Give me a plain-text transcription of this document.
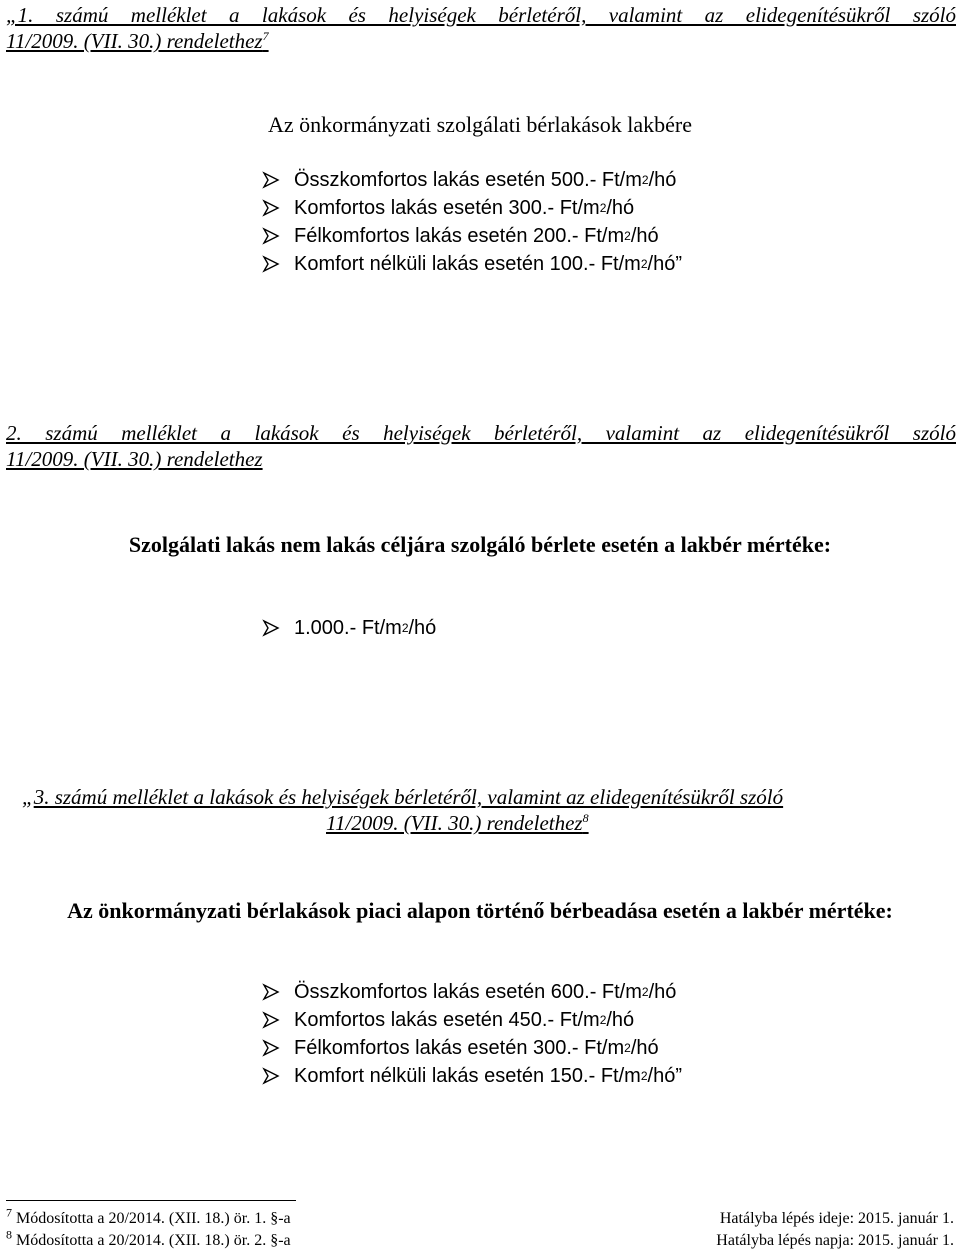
„1. számú melléklet a lakások és helyiségek bérletéről, valamint az elidegenítésükről szóló
11/2009. (VII. 30.) rendelethez$^7$
Az önkormányzati szolgálati bérlakások lakbére
Összkomfortos lakás esetén 500.- Ft/m 2 /hó
Komfortos lakás esetén 300.- Ft/m 2 /hó
Félkomfortos lakás esetén 200.- Ft/m 2 /hó
Komfort nélküli lakás esetén 100.- Ft/m 2 /hó”
2. számú melléklet a lakások és helyiségek bérletéről, valamint az elidegenítésükről szóló
11/2009. (VII. 30.) rendelethez
Szolgálati lakás nem lakás céljára szolgáló bérlete esetén a lakbér mértéke:
1.000.- Ft/m 2 /hó
„3. számú melléklet a lakások és helyiségek bérletéről, valamint az elidegenítésükről szóló
11/2009. (VII. 30.) rendelethez$^8$
Az önkormányzati bérlakások piaci alapon történő bérbeadása esetén a lakbér mértéke:
Összkomfortos lakás esetén 600.- Ft/m 2 /hó
Komfortos lakás esetén 450.- Ft/m 2 /hó
Félkomfortos lakás esetén 300.- Ft/m 2 /hó
Komfort nélküli lakás esetén 150.- Ft/m 2 /hó”
$^7$ Módosította a 20/2014. (XII. 18.) ör. 1. §-a	Hatályba lépés ideje: 2015. január 1.
$^8$ Módosította a 20/2014. (XII. 18.) ör. 2. §-a	Hatályba lépés napja: 2015. január 1.
